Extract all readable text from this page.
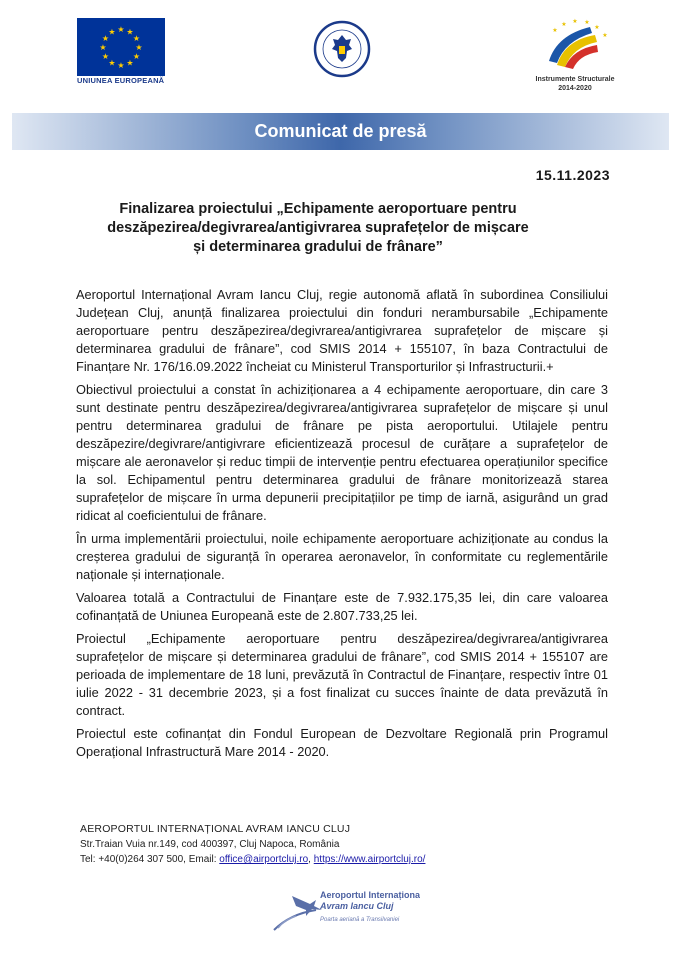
★ ★
★
★
★
★
★
★
★
★
★
★
UNIUNEA EUROPEANĂ
★ ★
★
★
★
★
Instrumente Structurale
2014-2020
Comunicat de presă
15.11.2023
Finalizarea proiectului „Echipamente aeroportuare pentru
deszăpezirea/degivrarea/antigivrarea suprafețelor de mișcare
și determinarea gradului de frânare”

Aeroportul Internațional Avram Iancu Cluj, regie autonomă aflată în subordinea Consiliului Județean Cluj, anunță finalizarea proiectului din fonduri nerambursabile „Echipamente aeroportuare pentru deszăpezirea/degivrarea/antigivrarea suprafețelor de mișcare și determinarea gradului de frânare”, cod SMIS 2014 + 155107, în baza Contractului de Finanțare Nr. 176/16.09.2022 încheiat cu Ministerul Transporturilor și Infrastructurii.+

Obiectivul proiectului a constat în achiziționarea a 4 echipamente aeroportuare, din care 3 sunt destinate pentru deszăpezirea/degivrarea/antigivrarea suprafețelor de mișcare și unul pentru determinarea gradului de frânare pe pista aeroportului. Utilajele pentru deszăpezire/degivrare/antigivrare eficientizează procesul de curățare a suprafețelor de mișcare ale aeronavelor și reduc timpii de intervenție pentru efectuarea operațiunilor specifice la sol. Echipamentul pentru determinarea gradului de frânare monitorizează starea suprafețelor de mișcare în urma depunerii precipitațiilor pe timp de iarnă, asigurând un grad ridicat al coeficientului de frânare.

În urma implementării proiectului, noile echipamente aeroportuare achiziționate au condus la creșterea gradului de siguranță în operarea aeronavelor, în conformitate cu reglementările naționale și internaționale.

Valoarea totală a Contractului de Finanțare este de 7.932.175,35 lei, din care valoarea cofinanțată de Uniunea Europeană este de 2.807.733,25 lei.

Proiectul „Echipamente aeroportuare pentru deszăpezirea/degivrarea/antigivrarea suprafețelor de mișcare și determinarea gradului de frânare”, cod SMIS 2014 + 155107 are perioada de implementare de 18 luni, prevăzută în Contractul de Finanțare, respectiv între 01 iulie 2022 - 31 decembrie 2023, și a fost finalizat cu succes înainte de data prevăzută în contract.

Proiectul este cofinanțat din Fondul European de Dezvoltare Regională prin Programul Operațional Infrastructură Mare 2014 - 2020.

AEROPORTUL INTERNAȚIONAL AVRAM IANCU CLUJ
Str.Traian Vuia nr.149, cod 400397, Cluj Napoca, România
Tel: +40(0)264 307 500, Email: office@airportcluj.ro, https://www.airportcluj.ro/
Aeroportul Internațional
Avram Iancu Cluj
Poarta aeriană a Transilvaniei
